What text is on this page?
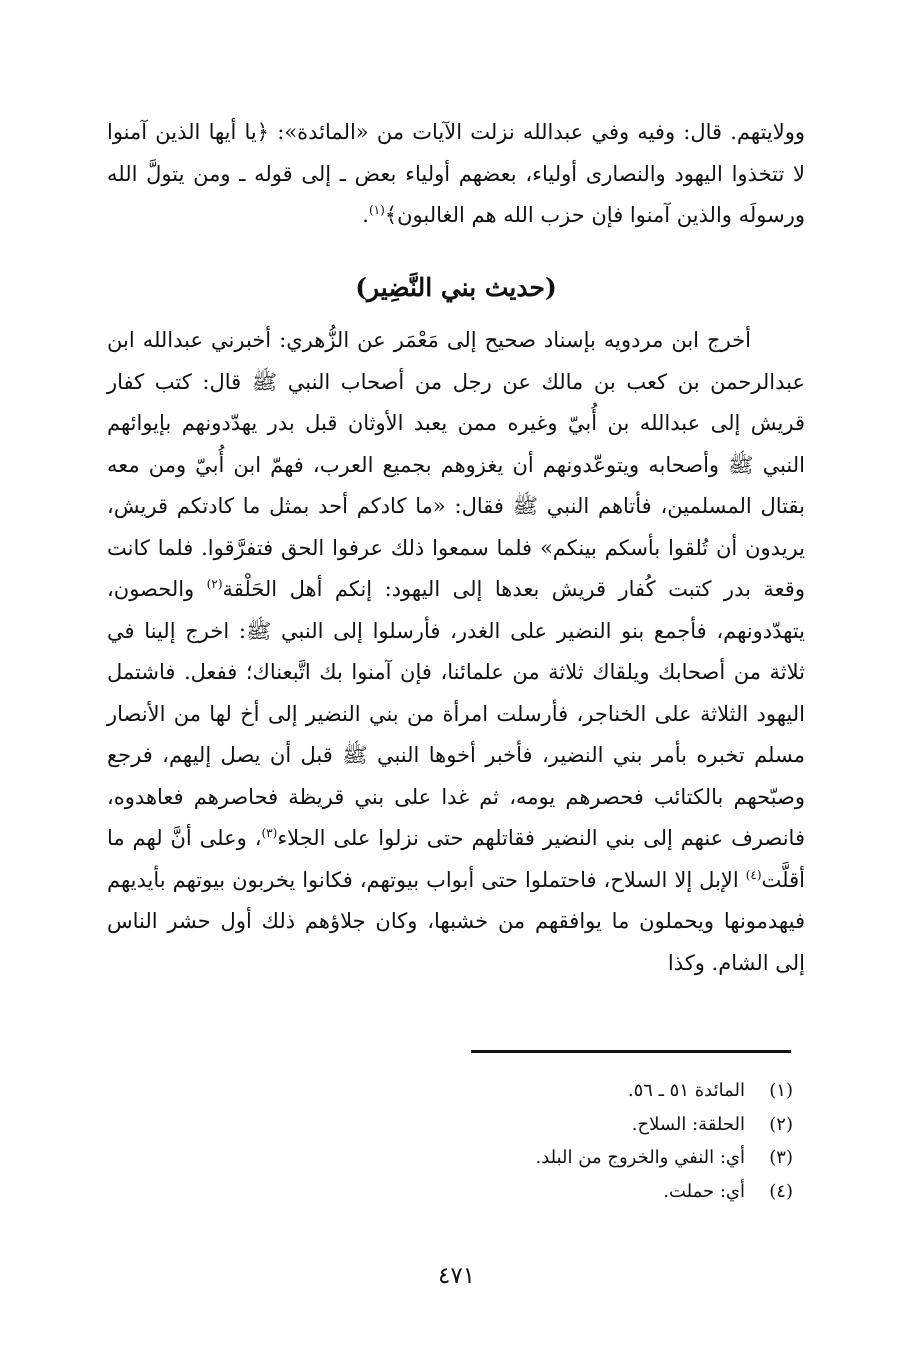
وولايتهم. قال: وفيه وفي عبدالله نزلت الآيات من «المائدة»: ﴿يا أيها الذين آمنوا لا تتخذوا اليهود والنصارى أولياء، بعضهم أولياء بعض ـ إلى قوله ـ ومن يتولَّ الله ورسولَه والذين آمنوا فإن حزب الله هم الغالبون﴾$^{(١)}$.

(حديث بني النَّضِير)

أخرج ابن مردويه بإسناد صحيح إلى مَعْمَر عن الزُّهري: أخبرني عبدالله ابن عبدالرحمن بن كعب بن مالك عن رجل من أصحاب النبي ﷺ قال: كتب كفار قريش إلى عبدالله بن أُبيّ وغيره ممن يعبد الأوثان قبل بدر يهدّدونهم بإيوائهم النبي ﷺ وأصحابه ويتوعّدونهم أن يغزوهم بجميع العرب، فهمّ ابن أُبيّ ومن معه بقتال المسلمين، فأتاهم النبي ﷺ فقال: «ما كادكم أحد بمثل ما كادتكم قريش، يريدون أن تُلقوا بأسكم بينكم» فلما سمعوا ذلك عرفوا الحق فتفرَّقوا. فلما كانت وقعة بدر كتبت كُفار قريش بعدها إلى اليهود: إنكم أهل الحَلْقة$^{(٢)}$ والحصون، يتهدّدونهم، فأجمع بنو النضير على الغدر، فأرسلوا إلى النبي ﷺ: اخرج إلينا في ثلاثة من أصحابك ويلقاك ثلاثة من علمائنا، فإن آمنوا بك اتَّبعناك؛ ففعل. فاشتمل اليهود الثلاثة على الخناجر، فأرسلت امرأة من بني النضير إلى أخ لها من الأنصار مسلم تخبره بأمر بني النضير، فأخبر أخوها النبي ﷺ قبل أن يصل إليهم، فرجع وصبّحهم بالكتائب فحصرهم يومه، ثم غدا على بني قريظة فحاصرهم فعاهدوه، فانصرف عنهم إلى بني النضير فقاتلهم حتى نزلوا على الجلاء$^{(٣)}$، وعلى أنَّ لهم ما أقلَّت$^{(٤)}$ الإبل إلا السلاح، فاحتملوا حتى أبواب بيوتهم، فكانوا يخربون بيوتهم بأيديهم فيهدمونها ويحملون ما يوافقهم من خشبها، وكان جلاؤهم ذلك أول حشر الناس إلى الشام. وكذا

(١)
المائدة ٥١ ـ ٥٦.
(٢)
الحلقة: السلاح.
(٣)
أي: النفي والخروج من البلد.
(٤)
أي: حملت.
٤٧١
